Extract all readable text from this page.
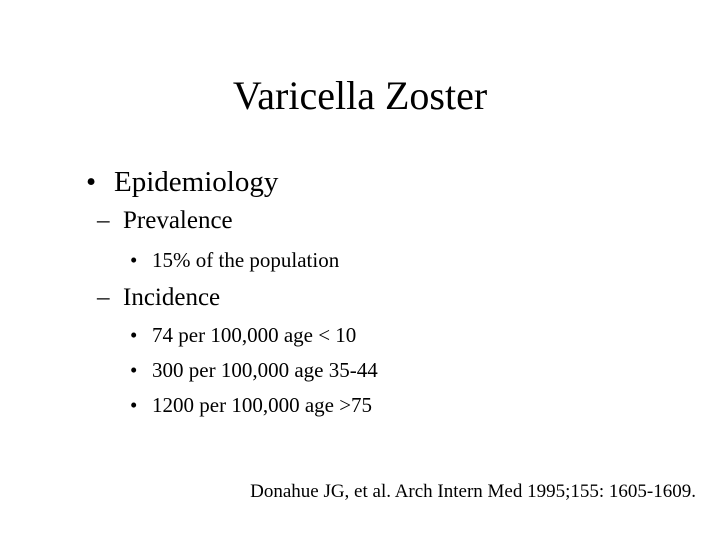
Varicella Zoster
• Epidemiology
– Prevalence
• 15% of the population
– Incidence
• 74 per 100,000 age < 10
• 300 per 100,000 age 35-44
• 1200 per 100,000 age >75
Donahue JG, et al. Arch Intern Med 1995;155: 1605-1609.
